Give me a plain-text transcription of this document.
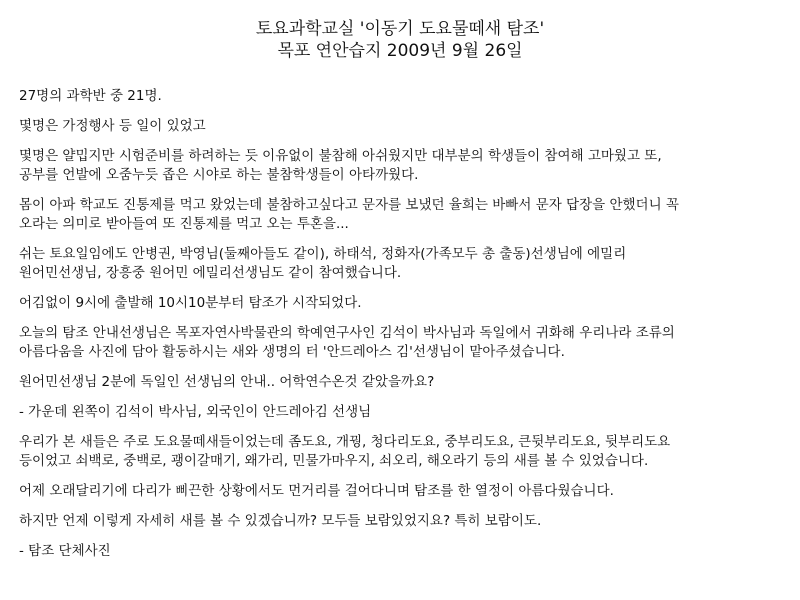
토요과학교실 '이동기 도요물떼새 탐조'
목포 연안습지 2009년 9월 26일

27명의 과학반 중 21명.

몇명은 가정행사 등 일이 있었고

몇명은 얄밉지만 시험준비를 하려하는 듯 이유없이 불참해 아쉬웠지만 대부분의 학생들이 참여해 고마웠고 또,
공부를 언발에 오줌누듯 좁은 시야로 하는 불참학생들이 아타까웠다.

몸이 아파 학교도 진통제를 먹고 왔었는데 불참하고싶다고 문자를 보냈던 율희는 바빠서 문자 답장을 안했더니 꼭
오라는 의미로 받아들여 또 진통제를 먹고 오는 투혼을...

쉬는 토요일임에도 안병권, 박영님(둘째아들도 같이), 하태석, 정화자(가족모두 총 출동)선생님에 에밀리
원어민선생님, 장흥중 원어민 에밀리선생님도 같이 참여했습니다.

어김없이 9시에 출발해 10시10분부터 탐조가 시작되었다.

오늘의 탐조 안내선생님은 목포자연사박물관의 학예연구사인 김석이 박사님과 독일에서 귀화해 우리나라 조류의
아름다움을 사진에 담아 활동하시는 새와 생명의 터 '안드레아스 김'선생님이 맡아주셨습니다.

원어민선생님 2분에 독일인 선생님의 안내.. 어학연수온것 같았을까요?

- 가운데 왼쪽이 김석이 박사님, 외국인이 안드레아김 선생님

우리가 본 새들은 주로 도요물떼새들이었는데 좀도요, 개꿩, 청다리도요, 중부리도요, 큰뒷부리도요, 뒷부리도요
등이었고 쇠백로, 중백로, 괭이갈매기, 왜가리, 민물가마우지, 쇠오리, 해오라기 등의 새를 볼 수 있었습니다.

어제 오래달리기에 다리가 삐끈한 상황에서도 먼거리를 걸어다니며 탐조를 한 열정이 아름다웠습니다.

하지만 언제 이렇게 자세히 새를 볼 수 있겠습니까? 모두들 보람있었지요? 특히 보람이도.

- 탐조 단체사진
